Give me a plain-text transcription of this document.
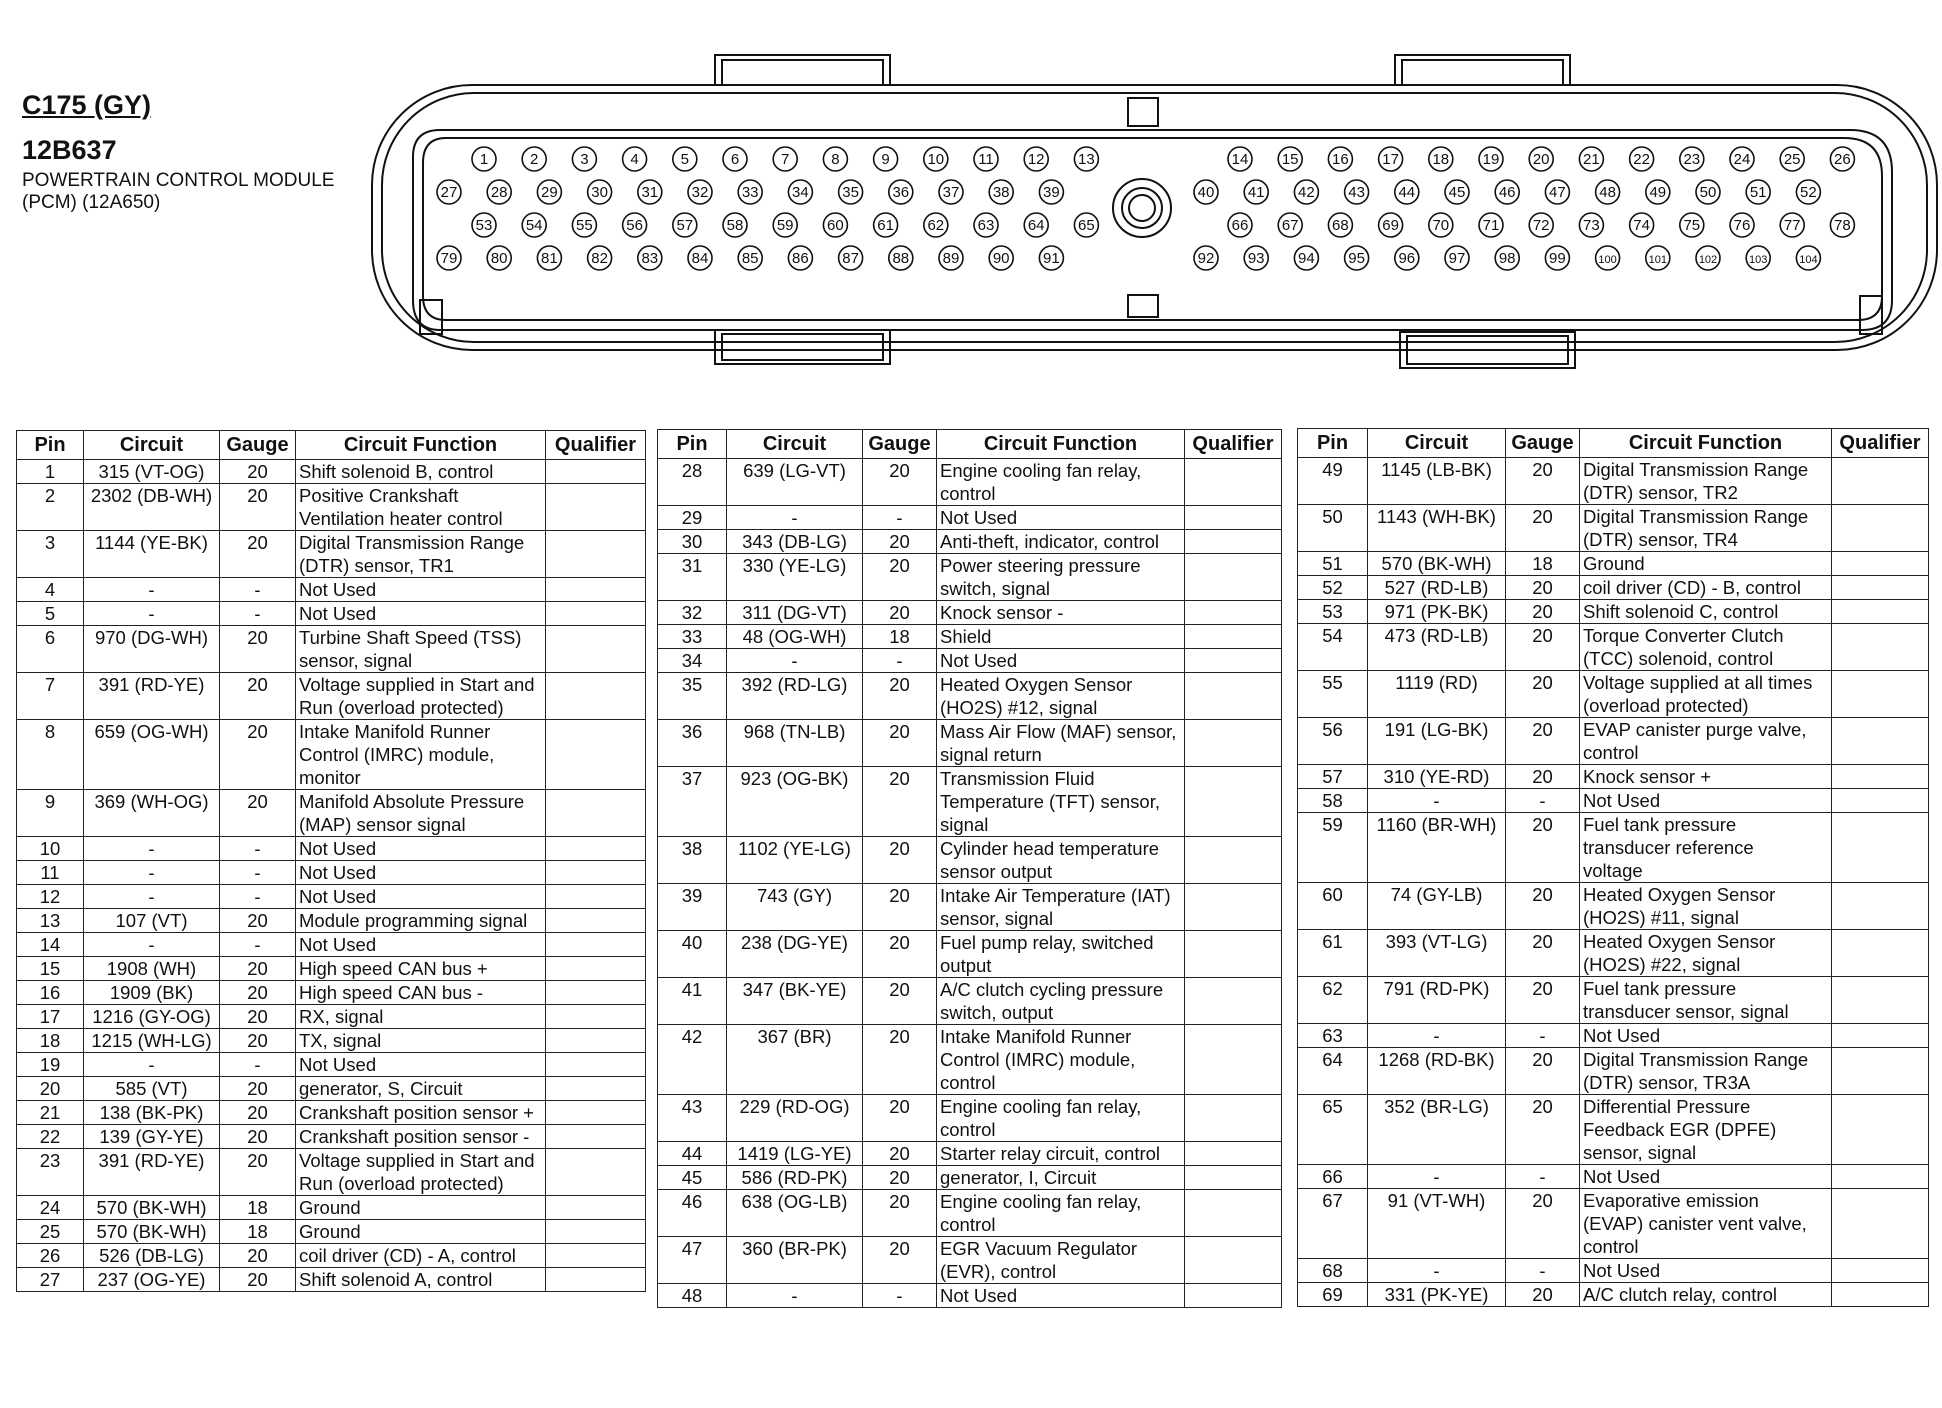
C175 (GY)
12B637
POWERTRAIN CONTROL MODULE
(PCM) (12A650)
1	2	3	4	5	6	7	8	9	10 11 12 13	14 15 16 17 18 19 20 21 22 23 24 25 26
27 28 29 30 31 32 33 34 35 36 37 38 39	40 41 42 43 44 45 46 47 48 49 50 51 52
53 54 55 56 57 58 59 60 61 62 63 64 65	66 67 68 69 70 71 72 73 74 75 76 77 78
79 80 81 82 83 84 85 86 87 88 89 90 91	92 93 94 95 96 97 98 99	100	101	102	103	104
Pin	Circuit	Gauge	Circuit Function	Qualifier
1	315 (VT-OG)	20	Shift solenoid B, control	

2	2302 (DB-WH)	20	Positive Crankshaft
Ventilation heater control	

3	1144 (YE-BK)	20	Digital Transmission Range
(DTR) sensor, TR1	

4	-	-	Not Used	

5	-	-	Not Used	

6	970 (DG-WH)	20	Turbine Shaft Speed (TSS)
sensor, signal	

7	391 (RD-YE)	20	Voltage supplied in Start and
Run (overload protected)	

8	659 (OG-WH)	20	Intake Manifold Runner
Control (IMRC) module,
monitor	

9	369 (WH-OG)	20	Manifold Absolute Pressure
(MAP) sensor signal	

10	-	-	Not Used	

11	-	-	Not Used	

12	-	-	Not Used	

13	107 (VT)	20	Module programming signal	

14	-	-	Not Used	

15	1908 (WH)	20	High speed CAN bus +	

16	1909 (BK)	20	High speed CAN bus -	

17	1216 (GY-OG)	20	RX, signal	

18	1215 (WH-LG)	20	TX, signal	

19	-	-	Not Used	

20	585 (VT)	20	generator, S, Circuit	

21	138 (BK-PK)	20	Crankshaft position sensor +	

22	139 (GY-YE)	20	Crankshaft position sensor -	

23	391 (RD-YE)	20	Voltage supplied in Start and
Run (overload protected)	

24	570 (BK-WH)	18	Ground	

25	570 (BK-WH)	18	Ground	

26	526 (DB-LG)	20	coil driver (CD) - A, control	

27	237 (OG-YE)	20	Shift solenoid A, control	

Pin	Circuit	Gauge	Circuit Function	Qualifier
28	639 (LG-VT)	20	Engine cooling fan relay,
control	

29	-	-	Not Used	

30	343 (DB-LG)	20	Anti-theft, indicator, control	

31	330 (YE-LG)	20	Power steering pressure
switch, signal	

32	311 (DG-VT)	20	Knock sensor -	

33	48 (OG-WH)	18	Shield	

34	-	-	Not Used	

35	392 (RD-LG)	20	Heated Oxygen Sensor
(HO2S) #12, signal	

36	968 (TN-LB)	20	Mass Air Flow (MAF) sensor,
signal return	

37	923 (OG-BK)	20	Transmission Fluid
Temperature (TFT) sensor,
signal	

38	1102 (YE-LG)	20	Cylinder head temperature
sensor output	

39	743 (GY)	20	Intake Air Temperature (IAT)
sensor, signal	

40	238 (DG-YE)	20	Fuel pump relay, switched
output	

41	347 (BK-YE)	20	A/C clutch cycling pressure
switch, output	

42	367 (BR)	20	Intake Manifold Runner
Control (IMRC) module,
control	

43	229 (RD-OG)	20	Engine cooling fan relay,
control	

44	1419 (LG-YE)	20	Starter relay circuit, control	

45	586 (RD-PK)	20	generator, I, Circuit	

46	638 (OG-LB)	20	Engine cooling fan relay,
control	

47	360 (BR-PK)	20	EGR Vacuum Regulator
(EVR), control	

48	-	-	Not Used	

Pin	Circuit	Gauge	Circuit Function	Qualifier
49	1145 (LB-BK)	20	Digital Transmission Range
(DTR) sensor, TR2	

50	1143 (WH-BK)	20	Digital Transmission Range
(DTR) sensor, TR4	

51	570 (BK-WH)	18	Ground	

52	527 (RD-LB)	20	coil driver (CD) - B, control	

53	971 (PK-BK)	20	Shift solenoid C, control	

54	473 (RD-LB)	20	Torque Converter Clutch
(TCC) solenoid, control	

55	1119 (RD)	20	Voltage supplied at all times
(overload protected)	

56	191 (LG-BK)	20	EVAP canister purge valve,
control	

57	310 (YE-RD)	20	Knock sensor +	

58	-	-	Not Used	

59	1160 (BR-WH)	20	Fuel tank pressure
transducer reference
voltage	

60	74 (GY-LB)	20	Heated Oxygen Sensor
(HO2S) #11, signal	

61	393 (VT-LG)	20	Heated Oxygen Sensor
(HO2S) #22, signal	

62	791 (RD-PK)	20	Fuel tank pressure
transducer sensor, signal	

63	-	-	Not Used	

64	1268 (RD-BK)	20	Digital Transmission Range
(DTR) sensor, TR3A	

65	352 (BR-LG)	20	Differential Pressure
Feedback EGR (DPFE)
sensor, signal	

66	-	-	Not Used	

67	91 (VT-WH)	20	Evaporative emission
(EVAP) canister vent valve,
control	

68	-	-	Not Used	

69	331 (PK-YE)	20	A/C clutch relay, control	
